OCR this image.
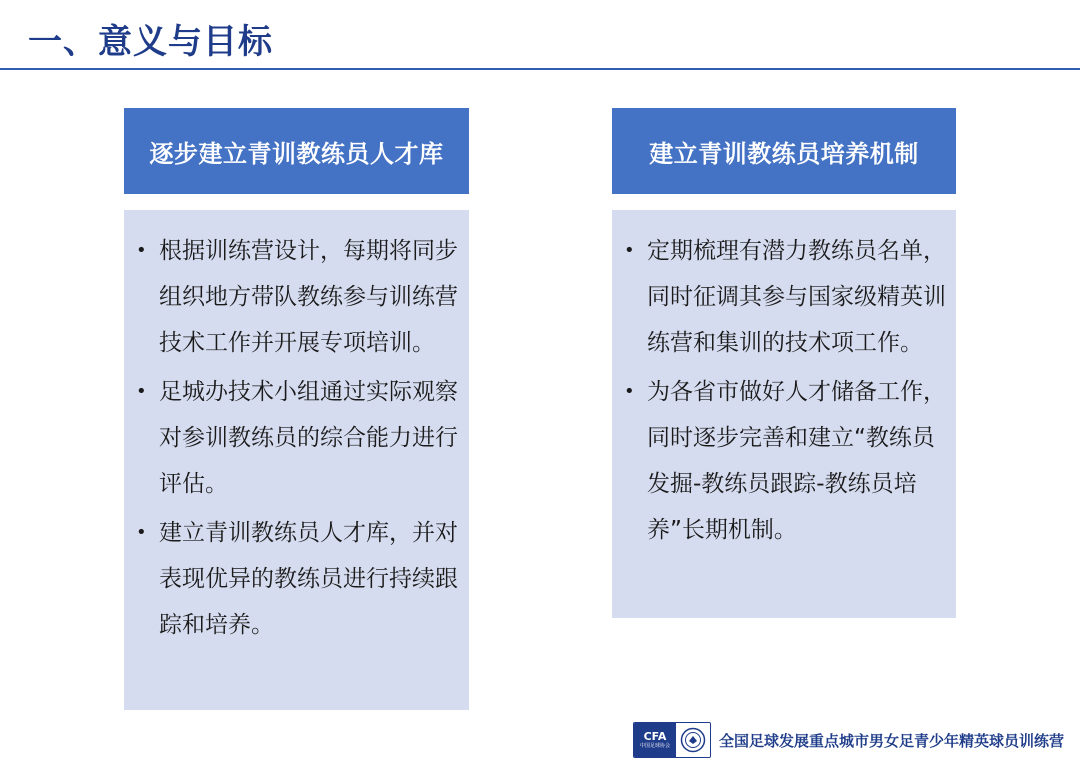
一、意义与目标
逐步建立青训教练员人才库
• 根据训练营设计，每期将同步组织地方带队教练参与训练营技术工作并开展专项培训。
• 足城办技术小组通过实际观察对参训教练员的综合能力进行评估。
• 建立青训教练员人才库，并对表现优异的教练员进行持续跟踪和培养。
建立青训教练员培养机制
• 定期梳理有潜力教练员名单，同时征调其参与国家级精英训练营和集训的技术项工作。
• 为各省市做好人才储备工作，同时逐步完善和建立“教练员发掘-教练员跟踪-教练员培养”长期机制。
CFA
中国足球协会	全国足球发展重点城市男女足青少年精英球员训练营
